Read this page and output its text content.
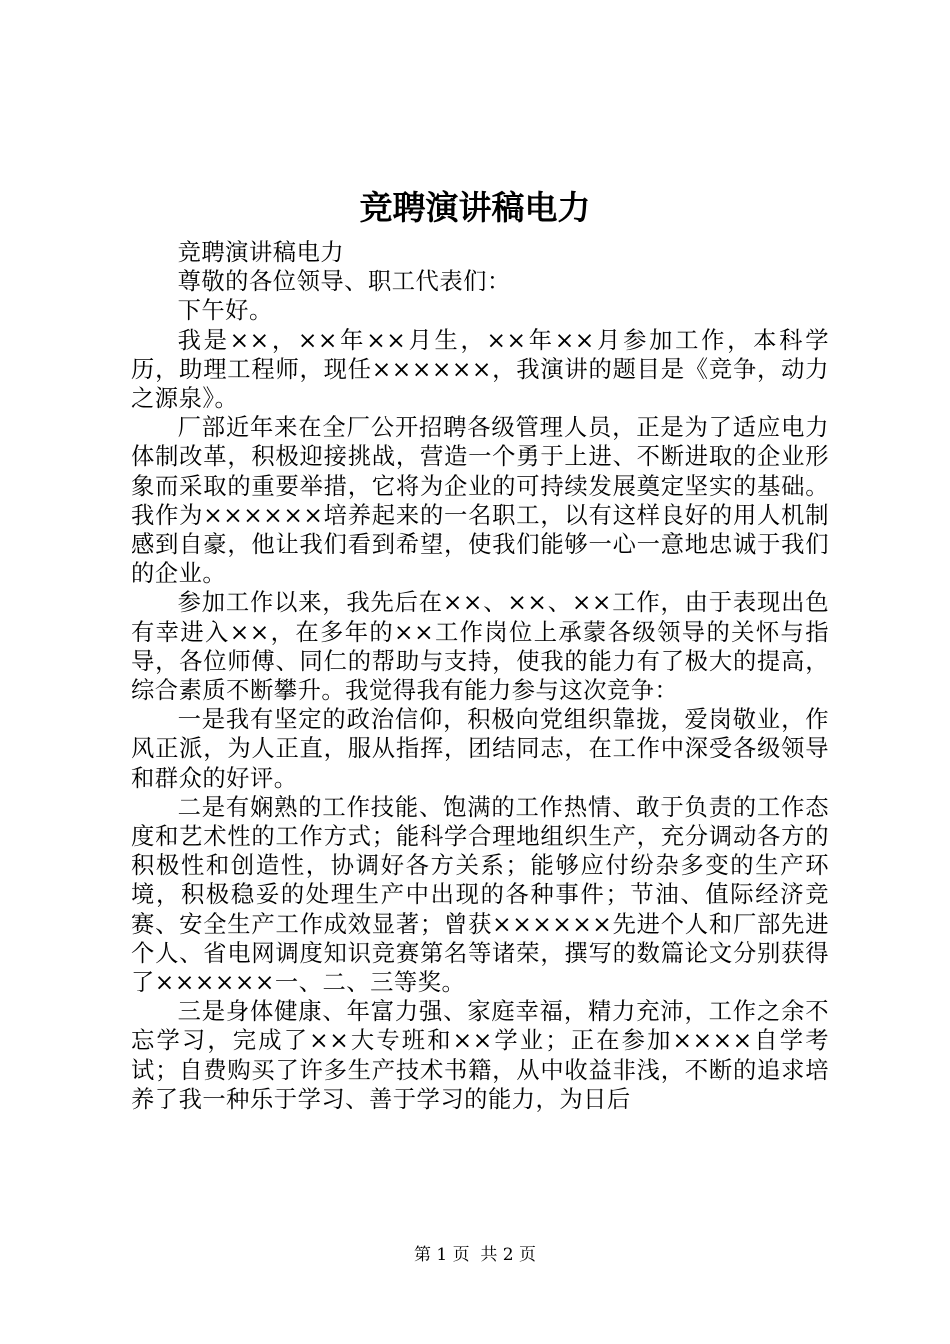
竞聘演讲稿电力

竞聘演讲稿电力

尊敬的各位领导、职工代表们：

下午好。

我是××，××年××月生，××年××月参加工作，本科学历，助理工程师，现任××××××，我演讲的题目是《竞争，动力之源泉》。

厂部近年来在全厂公开招聘各级管理人员，正是为了适应电力体制改革，积极迎接挑战，营造一个勇于上进、不断进取的企业形象而采取的重要举措，它将为企业的可持续发展奠定坚实的基础。我作为××××××培养起来的一名职工，以有这样良好的用人机制感到自豪，他让我们看到希望，使我们能够一心一意地忠诚于我们的企业。

参加工作以来，我先后在××、××、××工作，由于表现出色有幸进入××，在多年的××工作岗位上承蒙各级领导的关怀与指导，各位师傅、同仁的帮助与支持，使我的能力有了极大的提高，综合素质不断攀升。我觉得我有能力参与这次竞争：

一是我有坚定的政治信仰，积极向党组织靠拢，爱岗敬业，作风正派，为人正直，服从指挥，团结同志，在工作中深受各级领导和群众的好评。

二是有娴熟的工作技能、饱满的工作热情、敢于负责的工作态度和艺术性的工作方式；能科学合理地组织生产，充分调动各方的积极性和创造性，协调好各方关系；能够应付纷杂多变的生产环境，积极稳妥的处理生产中出现的各种事件；节油、值际经济竞赛、安全生产工作成效显著；曾获××××××先进个人和厂部先进个人、省电网调度知识竞赛第名等诸荣，撰写的数篇论文分别获得了××××××一、二、三等奖。

三是身体健康、年富力强、家庭幸福，精力充沛，工作之余不忘学习，完成了××大专班和××学业；正在参加××××自学考试；自费购买了许多生产技术书籍，从中收益非浅，不断的追求培养了我一种乐于学习、善于学习的能力，为日后

第 1 页 共 2 页
